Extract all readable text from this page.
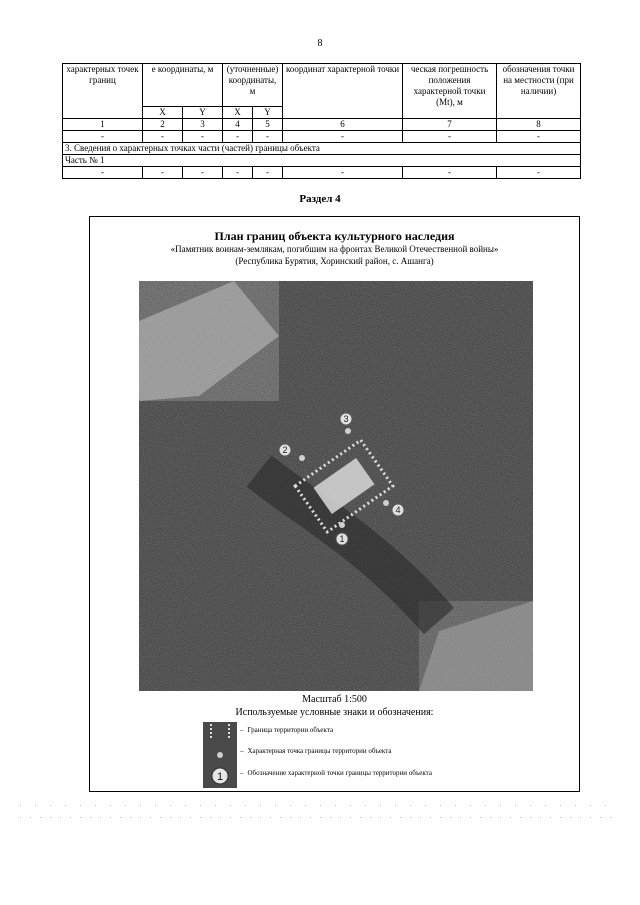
8
характерных точек границ	е координаты, м		(уточненные) координаты, м		координат характерной точки	ческая погрешность положения характерной точки (Mt), м	обозначения точки на местности (при наличии)
	X	Y	X	Y			
1	2	3	4	5	6	7	8
-	-	-	-	-	-	-	-
3. Сведения о характерных точках части (частей) границы объекта							
Часть № 1							
-	-	-	-	-	-	-	-
Раздел 4
План границ объекта культурного наследия
«Памятник воинам-землякам, погибшим на фронтах Великой Отечественной войны»
(Республика Бурятия, Хоринский район, с. Ашанга)
1
2
3
4
Масштаб 1:500
Используемые условные знаки и обозначения:
1
– Граница территории объекта
– Характерная точка границы территории объекта
– Обозначение характерной точки границы территории объекта
